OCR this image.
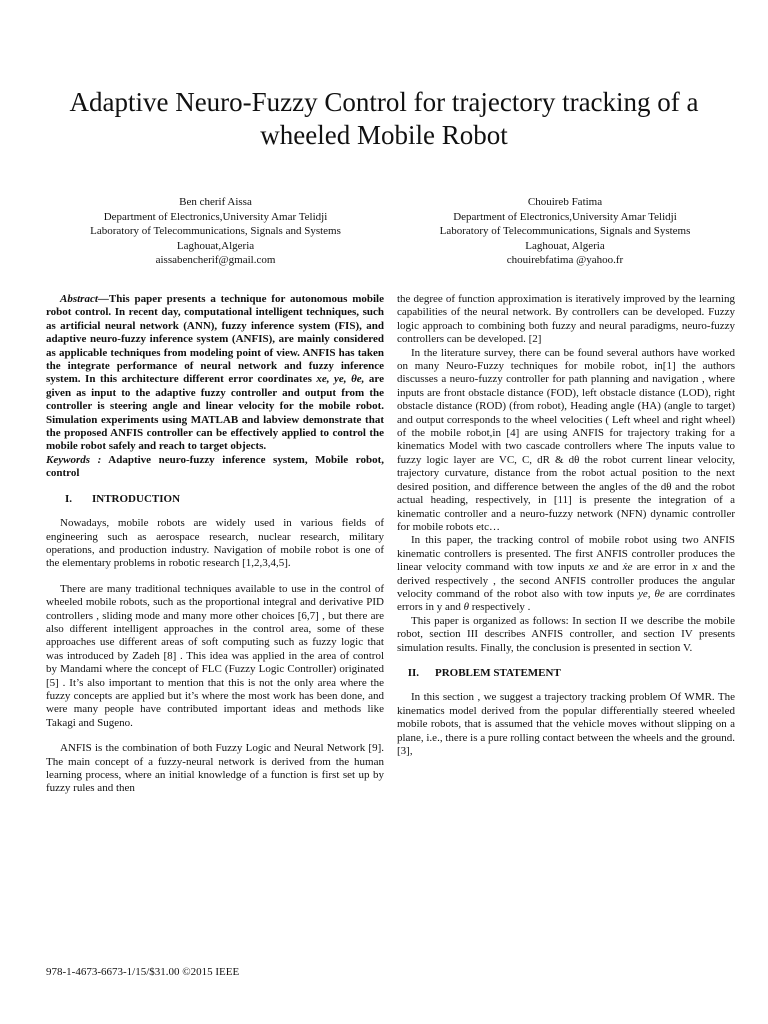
Adaptive Neuro-Fuzzy Control for trajectory tracking of a wheeled Mobile Robot
Ben cherif Aissa
Department of Electronics,University Amar Telidji
Laboratory of Telecommunications, Signals and Systems
Laghouat,Algeria
aissabencherif@gmail.com
Chouireb Fatima
Department of Electronics,University Amar Telidji
Laboratory of Telecommunications, Signals and Systems
Laghouat, Algeria
chouirebfatima @yahoo.fr

Abstract—This paper presents a technique for autonomous mobile robot control. In recent day, computational intelligent techniques, such as artificial neural network (ANN), fuzzy inference system (FIS), and adaptive neuro-fuzzy inference system (ANFIS), are mainly considered as applicable techniques from modeling point of view. ANFIS has taken the integrate performance of neural network and fuzzy inference system. In this architecture different error coordinates xe, ye, θe, are given as input to the adaptive fuzzy controller and output from the controller is steering angle and linear velocity for the mobile robot. Simulation experiments using MATLAB and labview demonstrate that the proposed ANFIS controller can be effectively applied to control the mobile robot safely and reach to target objects.

Keywords : Adaptive neuro-fuzzy inference system, Mobile robot, control

I. INTRODUCTION

Nowadays, mobile robots are widely used in various fields of engineering such as aerospace research, nuclear research, military operations, and production industry. Navigation of mobile robot is one of the elementary problems in robotic research [1,2,3,4,5].

There are many traditional techniques available to use in the control of wheeled mobile robots, such as the proportional integral and derivative PID controllers , sliding mode and many more other choices [6,7] , but there are also different intelligent approaches in the control area, some of these approaches use different areas of soft computing such as fuzzy logic that was introduced by Zadeh [8] . This idea was applied in the area of control by Mandami where the concept of FLC (Fuzzy Logic Controller) originated [5] . It’s also important to mention that this is not the only area where the fuzzy concepts are applied but it’s where the most work has been done, and were many people have contributed important ideas and methods like Takagi and Sugeno.

ANFIS is the combination of both Fuzzy Logic and Neural Network [9]. The main concept of a fuzzy-neural network is derived from the human learning process, where an initial knowledge of a function is first set up by fuzzy rules and then

the degree of function approximation is iteratively improved by the learning capabilities of the neural network. By controllers can be developed. Fuzzy logic approach to combining both fuzzy and neural paradigms, neuro-fuzzy controllers can be developed. [2]

In the literature survey, there can be found several authors have worked on many Neuro-Fuzzy techniques for mobile robot, in[1] the authors discusses a neuro-fuzzy controller for path planning and navigation , where inputs are front obstacle distance (FOD), left obstacle distance (LOD), right obstacle distance (ROD) (from robot), Heading angle (HA) (angle to target) and output corresponds to the wheel velocities ( Left wheel and right wheel) of the mobile robot,in [4] are using ANFIS for trajectory traking for a kinematics Model with two cascade controllers where The inputs value to fuzzy logic layer are VC, C, dR & dθ the robot current linear velocity, trajectory curvature, distance from the robot actual position to the next desired position, and difference between the angles of the dθ and the robot actual heading, respectively, in [11] is presente the integration of a kinematic controller and a neuro-fuzzy network (NFN) dynamic controller for mobile robots etc…

In this paper, the tracking control of mobile robot using two ANFIS kinematic controllers is presented. The first ANFIS controller produces the linear velocity command with tow inputs xe and ẋe are error in x and the derived respectively , the second ANFIS controller produces the angular velocity command of the robot also with tow inputs ye, θe are corrdinates errors in y and θ respectively .

This paper is organized as follows: In section II we describe the mobile robot, section III describes ANFIS controller, and section IV presents simulation results. Finally, the conclusion is presented in section V.

II. PROBLEM STATEMENT

In this section , we suggest a trajectory tracking problem Of WMR. The kinematics model derived from the popular differentially steered wheeled mobile robots, that is assumed that the vehicle moves without slipping on a plane, i.e., there is a pure rolling contact between the wheels and the ground.[3],

978-1-4673-6673-1/15/$31.00 ©2015 IEEE
